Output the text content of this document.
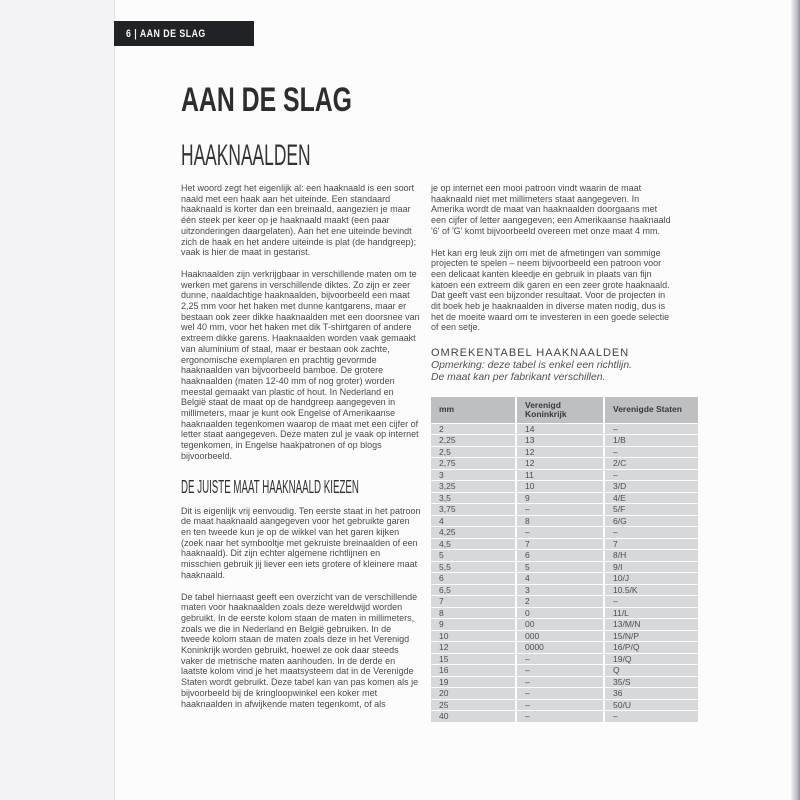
6 | AAN DE SLAG
AAN DE SLAG
HAAKNAALDEN

Het woord zegt het eigenlijk al: een haaknaald is een soort naald met een haak aan het uiteinde. Een standaard haaknaald is korter dan een breinaald, aangezien je maar één steek per keer op je haaknaald maakt (een paar uitzonderingen daargelaten). Aan het ene uiteinde bevindt zich de haak en het andere uiteinde is plat (de handgreep); vaak is hier de maat in gestanst.

Haaknaalden zijn verkrijgbaar in verschillende maten om te werken met garens in verschillende diktes. Zo zijn er zeer dunne, naaldachtige haaknaalden, bijvoorbeeld een maat 2,25 mm voor het haken met dunne kantgarens, maar er bestaan ook zeer dikke haaknaalden met een doorsnee van wel 40 mm, voor het haken met dik T-shirtgaren of andere extreem dikke garens. Haaknaalden worden vaak gemaakt van aluminium of staal, maar er bestaan ook zachte, ergonomische exemplaren en prachtig gevormde haaknaalden van bijvoorbeeld bamboe. De grotere haaknaalden (maten 12-40 mm of nog groter) worden meestal gemaakt van plastic of hout. In Nederland en België staat de maat op de handgreep aangegeven in millimeters, maar je kunt ook Engelse of Amerikaanse haaknaalden tegenkomen waarop de maat met een cijfer of letter staat aangegeven. Deze maten zul je vaak op internet tegenkomen, in Engelse haakpatronen of op blogs bijvoorbeeld.

DE JUISTE MAAT HAAKNAALD KIEZEN

Dit is eigenlijk vrij eenvoudig. Ten eerste staat in het patroon de maat haaknaald aangegeven voor het gebruikte garen en ten tweede kun je op de wikkel van het garen kijken (zoek naar het symbooltje met gekruiste breinaalden of een haaknaald). Dit zijn echter algemene richtlijnen en misschien gebruik jij liever een iets grotere of kleinere maat haaknaald.

De tabel hiernaast geeft een overzicht van de verschillende maten voor haaknaalden zoals deze wereldwijd worden gebruikt. In de eerste kolom staan de maten in millimeters, zoals we die in Nederland en België gebruiken. In de tweede kolom staan de maten zoals deze in het Verenigd Koninkrijk worden gebruikt, hoewel ze ook daar steeds vaker de metrische maten aanhouden. In de derde en laatste kolom vind je het maatsysteem dat in de Verenigde Staten wordt gebruikt. Deze tabel kan van pas komen als je bijvoorbeeld bij de kringloopwinkel een koker met haaknaalden in afwijkende maten tegenkomt, of als

je op internet een mooi patroon vindt waarin de maat haaknaald niet met millimeters staat aangegeven. In Amerika wordt de maat van haaknaalden doorgaans met een cijfer of letter aangegeven; een Amerikaanse haaknaald '6' of 'G' komt bijvoorbeeld overeen met onze maat 4 mm.

Het kan erg leuk zijn om met de afmetingen van sommige projecten te spelen – neem bijvoorbeeld een patroon voor een delicaat kanten kleedje en gebruik in plaats van fijn katoen een extreem dik garen en een zeer grote haaknaald. Dat geeft vast een bijzonder resultaat. Voor de projecten in dit boek heb je haaknaalden in diverse maten nodig, dus is het de moeite waard om te investeren in een goede selectie of een setje.

OMREKENTABEL HAAKNAALDEN

Opmerking: deze tabel is enkel een richtlijn.
De maat kan per fabrikant verschillen.

mm	Verenigd Koninkrijk	Verenigde Staten
2	14	–
2,25	13	1/B
2,5	12	–
2,75	12	2/C
3	11	–
3,25	10	3/D
3,5	9	4/E
3,75	–	5/F
4	8	6/G
4,25	–	–
4,5	7	7
5	6	8/H
5,5	5	9/I
6	4	10/J
6,5	3	10.5/K
7	2	–
8	0	11/L
9	00	13/M/N
10	000	15/N/P
12	0000	16/P/Q
15	–	19/Q
16	–	Q
19	–	35/S
20	–	36
25	–	50/U
40	–	–
